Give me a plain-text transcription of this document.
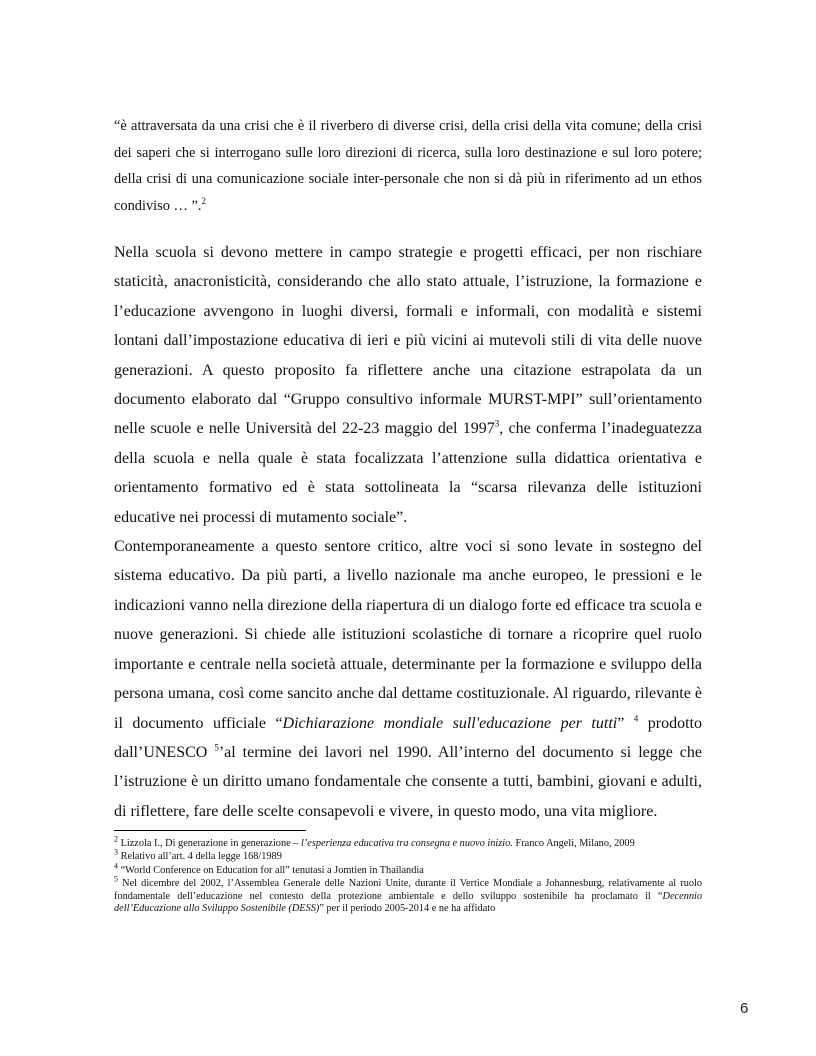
“è attraversata da una crisi che è il riverbero di diverse crisi, della crisi della vita comune; della crisi dei saperi che si interrogano sulle loro direzioni di ricerca, sulla loro destinazione e sul loro potere; della crisi di una comunicazione sociale inter-personale che non si dà più in riferimento ad un ethos condiviso … ”.$^2$

Nella scuola si devono mettere in campo strategie e progetti efficaci, per non rischiare staticità, anacronisticità, considerando che allo stato attuale, l’istruzione, la formazione e l’educazione avvengono in luoghi diversi, formali e informali, con modalità e sistemi lontani dall’impostazione educativa di ieri e più vicini ai mutevoli stili di vita delle nuove generazioni. A questo proposito fa riflettere anche una citazione estrapolata da un documento elaborato dal “Gruppo consultivo informale MURST-MPI” sull’orientamento nelle scuole e nelle Università del 22-23 maggio del 1997$^3$, che conferma l’inadeguatezza della scuola e nella quale è stata focalizzata l’attenzione sulla didattica orientativa e orientamento formativo ed è stata sottolineata la “scarsa rilevanza delle istituzioni educative nei processi di mutamento sociale”.

Contemporaneamente a questo sentore critico, altre voci si sono levate in sostegno del sistema educativo. Da più parti, a livello nazionale ma anche europeo, le pressioni e le indicazioni vanno nella direzione della riapertura di un dialogo forte ed efficace tra scuola e nuove generazioni. Si chiede alle istituzioni scolastiche di tornare a ricoprire quel ruolo importante e centrale nella società attuale, determinante per la formazione e sviluppo della persona umana, così come sancito anche dal dettame costituzionale. Al riguardo, rilevante è il documento ufficiale “Dichiarazione mondiale sull'educazione per tutti” $^4$ prodotto dall’UNESCO $^5$’al termine dei lavori nel 1990. All’interno del documento si legge che l’istruzione è un diritto umano fondamentale che consente a tutti, bambini, giovani e adulti, di riflettere, fare delle scelte consapevoli e vivere, in questo modo, una vita migliore.

$^2$ Lizzola I., Di generazione in generazione – l’esperienza educativa tra consegna e nuovo inizio. Franco Angeli, Milano, 2009

$^3$ Relativo all’art. 4 della legge 168/1989

$^4$ “World Conference on Education for all” tenutasi a Jomtien in Thailandia

$^5$ Nel dicembre del 2002, l’Assemblea Generale delle Nazioni Unite, durante il Vertice Mondiale a Johannesburg, relativamente al ruolo fondamentale dell’educazione nel contesto della protezione ambientale e dello sviluppo sostenibile ha proclamato il “Decennio dell’Educazione allo Sviluppo Sostenibile (DESS)” per il periodo 2005-2014 e ne ha affidato

6
